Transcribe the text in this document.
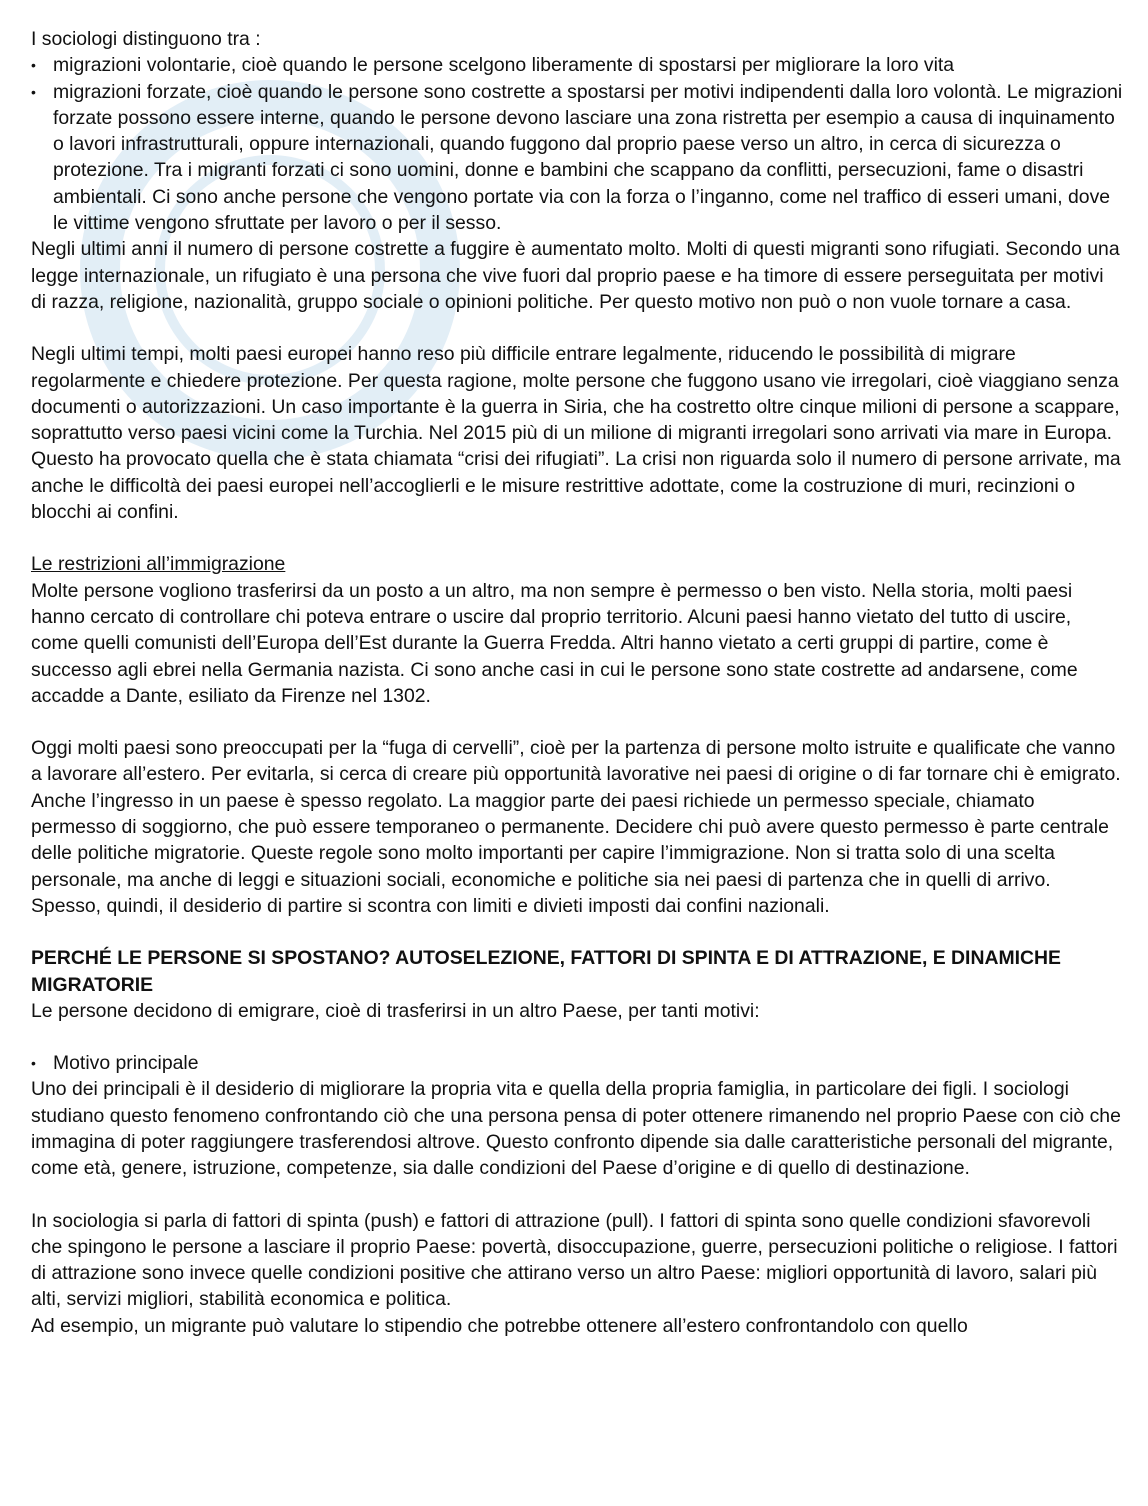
I sociologi distinguono tra :

• migrazioni volontarie, cioè quando le persone scelgono liberamente di spostarsi per migliorare la loro vita
• migrazioni forzate, cioè quando le persone sono costrette a spostarsi per motivi indipendenti dalla loro volontà. Le migrazioni forzate possono essere interne, quando le persone devono lasciare una zona ristretta per esempio a causa di inquinamento o lavori infrastrutturali, oppure internazionali, quando fuggono dal proprio paese verso un altro, in cerca di sicurezza o protezione. Tra i migranti forzati ci sono uomini, donne e bambini che scappano da conflitti, persecuzioni, fame o disastri ambientali. Ci sono anche persone che vengono portate via con la forza o l’inganno, come nel traffico di esseri umani, dove le vittime vengono sfruttate per lavoro o per il sesso.

Negli ultimi anni il numero di persone costrette a fuggire è aumentato molto. Molti di questi migranti sono rifugiati. Secondo una legge internazionale, un rifugiato è una persona che vive fuori dal proprio paese e ha timore di essere perseguitata per motivi di razza, religione, nazionalità, gruppo sociale o opinioni politiche. Per questo motivo non può o non vuole tornare a casa.

Negli ultimi tempi, molti paesi europei hanno reso più difficile entrare legalmente, riducendo le possibilità di migrare regolarmente e chiedere protezione. Per questa ragione, molte persone che fuggono usano vie irregolari, cioè viaggiano senza documenti o autorizzazioni. Un caso importante è la guerra in Siria, che ha costretto oltre cinque milioni di persone a scappare, soprattutto verso paesi vicini come la Turchia. Nel 2015 più di un milione di migranti irregolari sono arrivati via mare in Europa. Questo ha provocato quella che è stata chiamata “crisi dei rifugiati”. La crisi non riguarda solo il numero di persone arrivate, ma anche le difficoltà dei paesi europei nell’accoglierli e le misure restrittive adottate, come la costruzione di muri, recinzioni o blocchi ai confini.

Le restrizioni all’immigrazione

Molte persone vogliono trasferirsi da un posto a un altro, ma non sempre è permesso o ben visto. Nella storia, molti paesi hanno cercato di controllare chi poteva entrare o uscire dal proprio territorio. Alcuni paesi hanno vietato del tutto di uscire, come quelli comunisti dell’Europa dell’Est durante la Guerra Fredda. Altri hanno vietato a certi gruppi di partire, come è successo agli ebrei nella Germania nazista. Ci sono anche casi in cui le persone sono state costrette ad andarsene, come accadde a Dante, esiliato da Firenze nel 1302.

Oggi molti paesi sono preoccupati per la “fuga di cervelli”, cioè per la partenza di persone molto istruite e qualificate che vanno a lavorare all’estero. Per evitarla, si cerca di creare più opportunità lavorative nei paesi di origine o di far tornare chi è emigrato.

Anche l’ingresso in un paese è spesso regolato. La maggior parte dei paesi richiede un permesso speciale, chiamato permesso di soggiorno, che può essere temporaneo o permanente. Decidere chi può avere questo permesso è parte centrale delle politiche migratorie. Queste regole sono molto importanti per capire l’immigrazione. Non si tratta solo di una scelta personale, ma anche di leggi e situazioni sociali, economiche e politiche sia nei paesi di partenza che in quelli di arrivo. Spesso, quindi, il desiderio di partire si scontra con limiti e divieti imposti dai confini nazionali.

PERCHÉ LE PERSONE SI SPOSTANO? AUTOSELEZIONE, FATTORI DI SPINTA E DI ATTRAZIONE, E DINAMICHE MIGRATORIE

Le persone decidono di emigrare, cioè di trasferirsi in un altro Paese, per tanti motivi:

• Motivo principale

Uno dei principali è il desiderio di migliorare la propria vita e quella della propria famiglia, in particolare dei figli. I sociologi studiano questo fenomeno confrontando ciò che una persona pensa di poter ottenere rimanendo nel proprio Paese con ciò che immagina di poter raggiungere trasferendosi altrove. Questo confronto dipende sia dalle caratteristiche personali del migrante, come età, genere, istruzione, competenze, sia dalle condizioni del Paese d’origine e di quello di destinazione.

In sociologia si parla di fattori di spinta (push) e fattori di attrazione (pull). I fattori di spinta sono quelle condizioni sfavorevoli che spingono le persone a lasciare il proprio Paese: povertà, disoccupazione, guerre, persecuzioni politiche o religiose. I fattori di attrazione sono invece quelle condizioni positive che attirano verso un altro Paese: migliori opportunità di lavoro, salari più alti, servizi migliori, stabilità economica e politica.

Ad esempio, un migrante può valutare lo stipendio che potrebbe ottenere all’estero confrontandolo con quello
